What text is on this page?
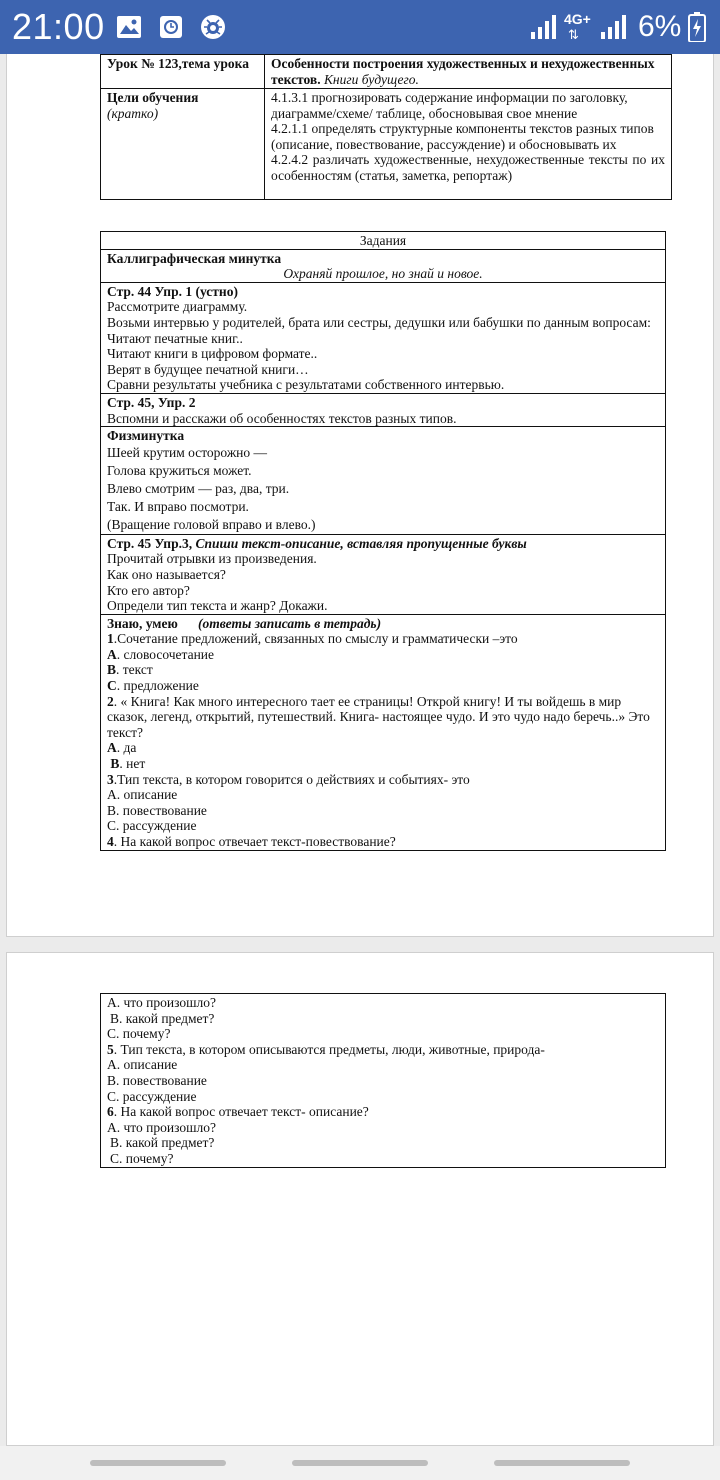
21:00	4G+
⇅ 6%
Урок № 123,тема урока	Особенности построения художественных и нехудожественных текстов. Книги будущего.

Цели обучения
(кратко)	4.1.3.1 прогнозировать содержание информации по заголовку, диаграмме/схеме/ таблице, обосновывая свое мнение
4.2.1.1 определять структурные компоненты текстов разных типов (описание, повествование, рассуждение) и обосновывать их
4.2.4.2 различать художественные, нехудожественные тексты по их особенностям (статья, заметка, репортаж)
Задания

Каллиграфическая минутка
Охраняй прошлое, но знай и новое.

Стр. 44 Упр. 1 (устно)
Рассмотрите диаграмму.
Возьми интервью у родителей, брата или сестры, дедушки или бабушки по данным вопросам:
Читают печатные книг..
Читают книги в цифровом формате..
Верят в будущее печатной книги…
Сравни результаты учебника с результатами собственного интервью.

Стр. 45, Упр. 2
Вспомни и расскажи об особенностях текстов разных типов.

Физминутка
Шеей крутим осторожно —
Голова кружиться может.
Влево смотрим — раз, два, три.
Так. И вправо посмотри.
(Вращение головой вправо и влево.)

Стр. 45 Упр.3, Спиши текст-описание, вставляя пропущенные буквы
Прочитай отрывки из произведения.
Как оно называется?
Кто его автор?
Определи тип текста и жанр? Докажи.

Знаю, умею (ответы записать в тетрадь)
1.Сочетание предложений, связанных по смыслу и грамматически –это
А. словосочетание
В. текст
С. предложение
2. « Книга! Как много интересного тает ее страницы! Открой книгу! И ты войдешь в мир сказок, легенд, открытий, путешествий. Книга- настоящее чудо. И это чудо надо беречь..» Это текст?
А. да
В. нет
3.Тип текста, в котором говорится о действиях и событиях- это
А. описание
В. повествование
С. рассуждение
4. На какой вопрос отвечает текст-повествование?
А. что произошло?
В. какой предмет?
С. почему?
5. Тип текста, в котором описываются предметы, люди, животные, природа-
А. описание
В. повествование
С. рассуждение
6. На какой вопрос отвечает текст- описание?
А. что произошло?
В. какой предмет?
С. почему?
